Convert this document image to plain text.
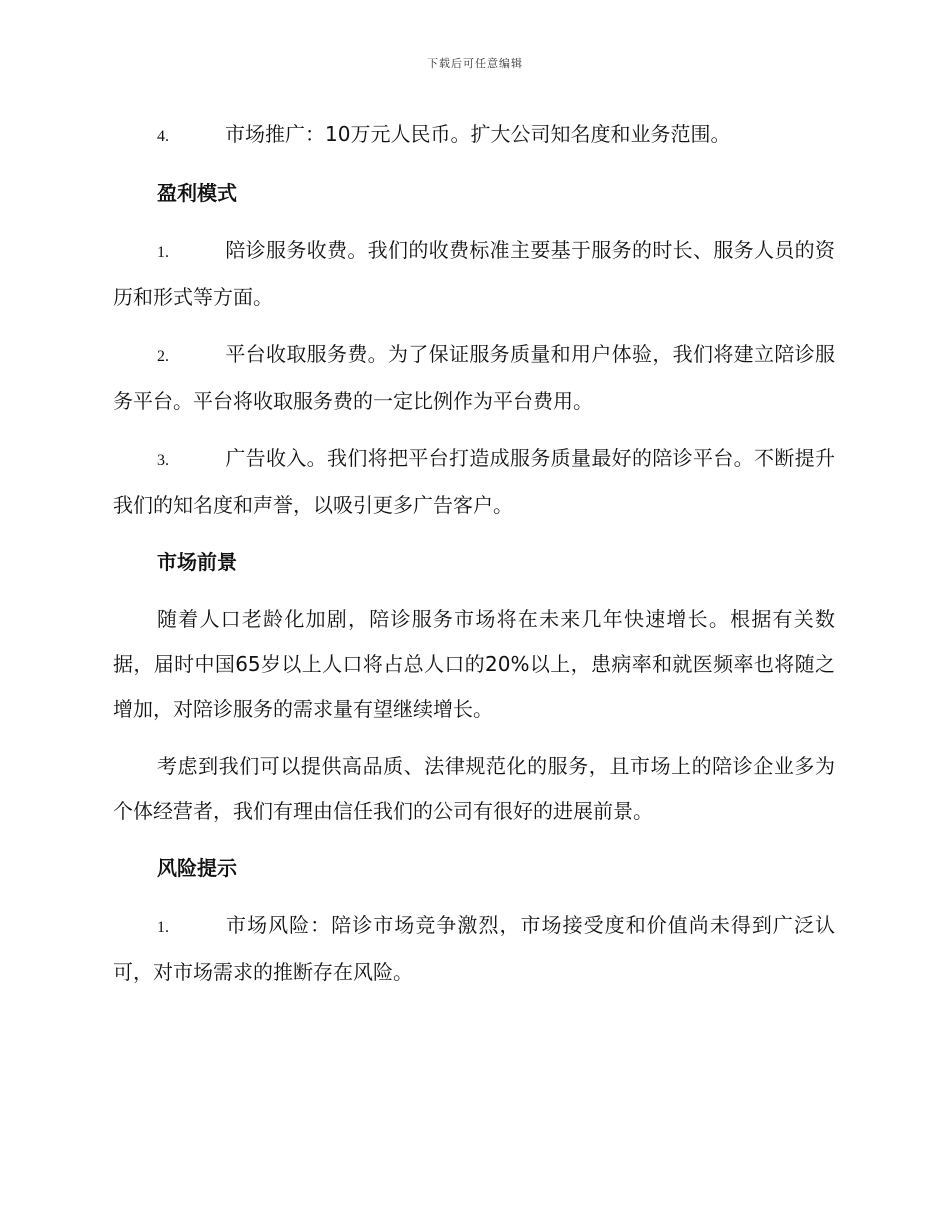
下载后可任意编辑

4.	市场推广：10万元人民币。扩大公司知名度和业务范围。

盈利模式

1.	陪诊服务收费。我们的收费标准主要基于服务的时长、服务人员的资历和形式等方面。

2.	平台收取服务费。为了保证服务质量和用户体验，我们将建立陪诊服务平台。平台将收取服务费的一定比例作为平台费用。

3.	广告收入。我们将把平台打造成服务质量最好的陪诊平台。不断提升我们的知名度和声誉，以吸引更多广告客户。

市场前景

随着人口老龄化加剧，陪诊服务市场将在未来几年快速增长。根据有关数据，届时中国65岁以上人口将占总人口的20%以上，患病率和就医频率也将随之增加，对陪诊服务的需求量有望继续增长。

考虑到我们可以提供高品质、法律规范化的服务，且市场上的陪诊企业多为个体经营者，我们有理由信任我们的公司有很好的进展前景。

风险提示

1.	市场风险：陪诊市场竞争激烈，市场接受度和价值尚未得到广泛认可，对市场需求的推断存在风险。
